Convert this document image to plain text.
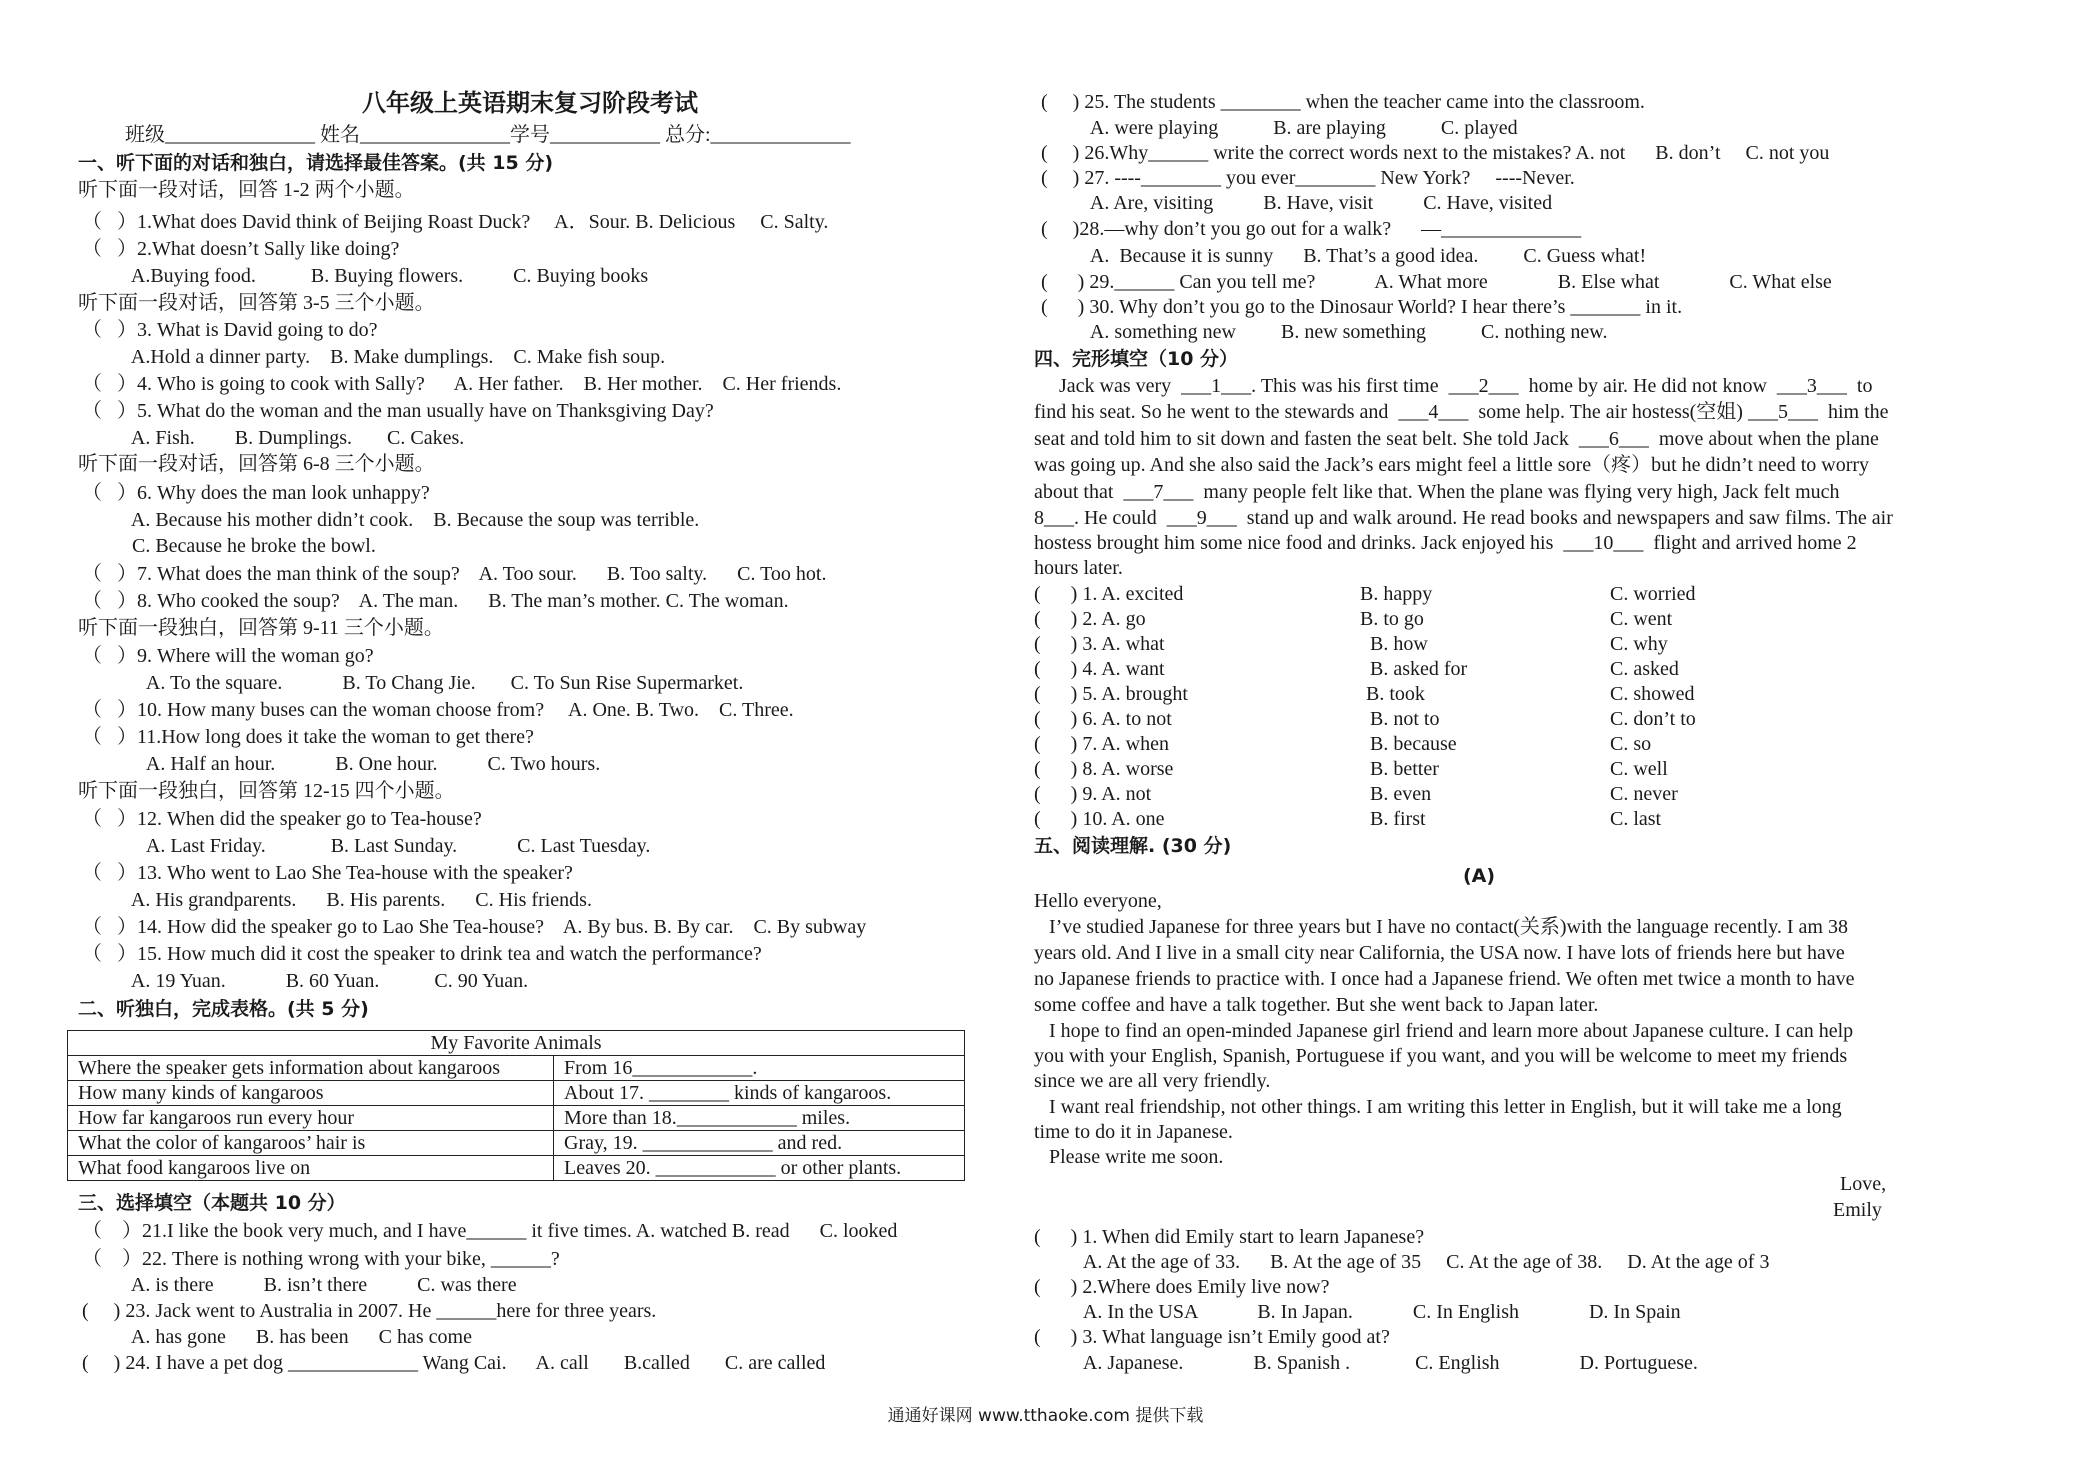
八年级上英语期末复习阶段考试
班级_______________ 姓名_______________学号___________ 总分:______________
一、听下面的对话和独白，请选择最佳答案。(共 15 分)
听下面一段对话，回答 1-2 两个小题。
（   ）1.What does David think of Beijing Roast Duck?     A．Sour. B. Delicious     C. Salty.
（   ）2.What doesn’t Sally like doing?
A.Buying food.           B. Buying flowers.          C. Buying books
听下面一段对话，回答第 3-5 三个小题。
（   ）3. What is David going to do?
A.Hold a dinner party.    B. Make dumplings.    C. Make fish soup.
（   ）4. Who is going to cook with Sally?      A. Her father.    B. Her mother.    C. Her friends.
（   ）5. What do the woman and the man usually have on Thanksgiving Day?
A. Fish.        B. Dumplings.       C. Cakes.
听下面一段对话，回答第 6-8 三个小题。
（   ）6. Why does the man look unhappy?
A. Because his mother didn’t cook.    B. Because the soup was terrible.
C. Because he broke the bowl.
（   ）7. What does the man think of the soup?    A. Too sour.      B. Too salty.      C. Too hot.
（   ）8. Who cooked the soup?    A. The man.      B. The man’s mother. C. The woman.
听下面一段独白，回答第 9-11 三个小题。
（   ）9. Where will the woman go?
A. To the square.            B. To Chang Jie.       C. To Sun Rise Supermarket.
（   ）10. How many buses can the woman choose from?     A. One. B. Two.    C. Three.
（   ）11.How long does it take the woman to get there?
A. Half an hour.            B. One hour.          C. Two hours.
听下面一段独白，回答第 12-15 四个小题。
（   ）12. When did the speaker go to Tea-house?
A. Last Friday.             B. Last Sunday.            C. Last Tuesday.
（   ）13. Who went to Lao She Tea-house with the speaker?
A. His grandparents.      B. His parents.      C. His friends.
（   ）14. How did the speaker go to Lao She Tea-house?    A. By bus. B. By car.    C. By subway
（   ）15. How much did it cost the speaker to drink tea and watch the performance?
A. 19 Yuan.            B. 60 Yuan.           C. 90 Yuan.
二、听独白，完成表格。(共 5 分)
My Favorite Animals	
Where the speaker gets information about kangaroos	From 16____________.
How many kinds of kangaroos	About 17. ________ kinds of kangaroos.
How far kangaroos run every hour	More than 18.____________ miles.
What the color of kangaroos’ hair is	Gray, 19. _____________ and red.
What food kangaroos live on	Leaves 20. ____________ or other plants.
三、选择填空（本题共 10 分）
（    ）21.I like the book very much, and I have______ it five times. A. watched B. read      C. looked
（    ）22. There is nothing wrong with your bike, ______?
A. is there          B. isn’t there          C. was there
(     ) 23. Jack went to Australia in 2007. He ______here for three years.
A. has gone      B. has been      C has come
(     ) 24. I have a pet dog _____________ Wang Cai.      A. call       B.called       C. are called
(     ) 25. The students ________ when the teacher came into the classroom.
A. were playing           B. are playing           C. played
(     ) 26.Why______ write the correct words next to the mistakes? A. not      B. don’t     C. not you
(     ) 27. ----________ you ever________ New York?     ----Never.
A. Are, visiting          B. Have, visit          C. Have, visited
(     )28.—why don’t you go out for a walk?      —______________
A.  Because it is sunny      B. That’s a good idea.         C. Guess what!
(      ) 29.______ Can you tell me?            A. What more              B. Else what              C. What else
(      ) 30. Why don’t you go to the Dinosaur World? I hear there’s _______ in it.
A. something new         B. new something           C. nothing new.
四、完形填空（10 分）
Jack was very  ___1___. This was his first time  ___2___  home by air. He did not know  ___3___  to
find his seat. So he went to the stewards and  ___4___  some help. The air hostess(空姐) ___5___  him the
seat and told him to sit down and fasten the seat belt. She told Jack  ___6___  move about when the plane
was going up. And she also said the Jack’s ears might feel a little sore（疼）but he didn’t need to worry
about that  ___7___  many people felt like that. When the plane was flying very high, Jack felt much
8___. He could  ___9___  stand up and walk around. He read books and newspapers and saw films. The air
hostess brought him some nice food and drinks. Jack enjoyed his  ___10___  flight and arrived home 2
hours later.
(      ) 1. A. excited	B. happy	C. worried
(      ) 2. A. go	B. to go	C. went
(      ) 3. A. what	B. how	C. why
(      ) 4. A. want	B. asked for	C. asked
(      ) 5. A. brought	B. took	C. showed
(      ) 6. A. to not	B. not to	C. don’t to
(      ) 7. A. when	B. because	C. so
(      ) 8. A. worse	B. better	C. well
(      ) 9. A. not	B. even	C. never
(      ) 10. A. one	B. first	C. last
五、阅读理解. (30 分)
(A)
Hello everyone,
I’ve studied Japanese for three years but I have no contact(关系)with the language recently. I am 38
years old. And I live in a small city near California, the USA now. I have lots of friends here but have
no Japanese friends to practice with. I once had a Japanese friend. We often met twice a month to have
some coffee and have a talk together. But she went back to Japan later.
I hope to find an open-minded Japanese girl friend and learn more about Japanese culture. I can help
you with your English, Spanish, Portuguese if you want, and you will be welcome to meet my friends
since we are all very friendly.
I want real friendship, not other things. I am writing this letter in English, but it will take me a long
time to do it in Japanese.
Please write me soon.
Love,
Emily
(      ) 1. When did Emily start to learn Japanese?
A. At the age of 33.      B. At the age of 35     C. At the age of 38.     D. At the age of 3
(      ) 2.Where does Emily live now?
A. In the USA            B. In Japan.            C. In English              D. In Spain
(      ) 3. What language isn’t Emily good at?
A. Japanese.              B. Spanish .             C. English                D. Portuguese.
通通好课网 www.tthaoke.com 提供下载
